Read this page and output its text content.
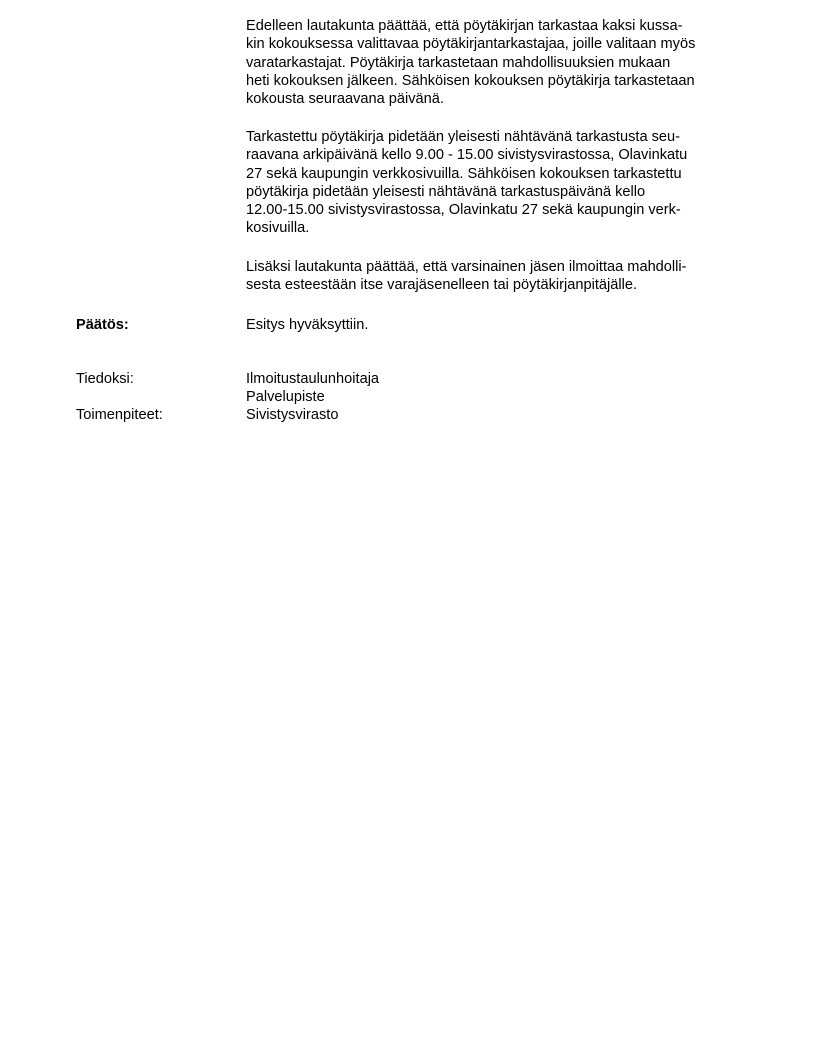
Edelleen lautakunta päättää, että pöytäkirjan tarkastaa kaksi kussa-
kin kokouksessa valittavaa pöytäkirjantarkastajaa, joille valitaan myös
varatarkastajat. Pöytäkirja tarkastetaan mahdollisuuksien mukaan
heti kokouksen jälkeen. Sähköisen kokouksen pöytäkirja tarkastetaan
kokousta seuraavana päivänä.
Tarkastettu pöytäkirja pidetään yleisesti nähtävänä tarkastusta seu-
raavana arkipäivänä kello 9.00 - 15.00 sivistysvirastossa, Olavinkatu
27 sekä kaupungin verkkosivuilla. Sähköisen kokouksen tarkastettu
pöytäkirja pidetään yleisesti nähtävänä tarkastuspäivänä kello
12.00-15.00 sivistysvirastossa, Olavinkatu 27 sekä kaupungin verk-
kosivuilla.
Lisäksi lautakunta päättää, että varsinainen jäsen ilmoittaa mahdolli-
sesta esteestään itse varajäsenelleen tai pöytäkirjanpitäjälle.
Päätös:	Esitys hyväksyttiin.
Tiedoksi:	Ilmoitustaulunhoitaja
Palvelupiste
Toimenpiteet:	Sivistysvirasto
